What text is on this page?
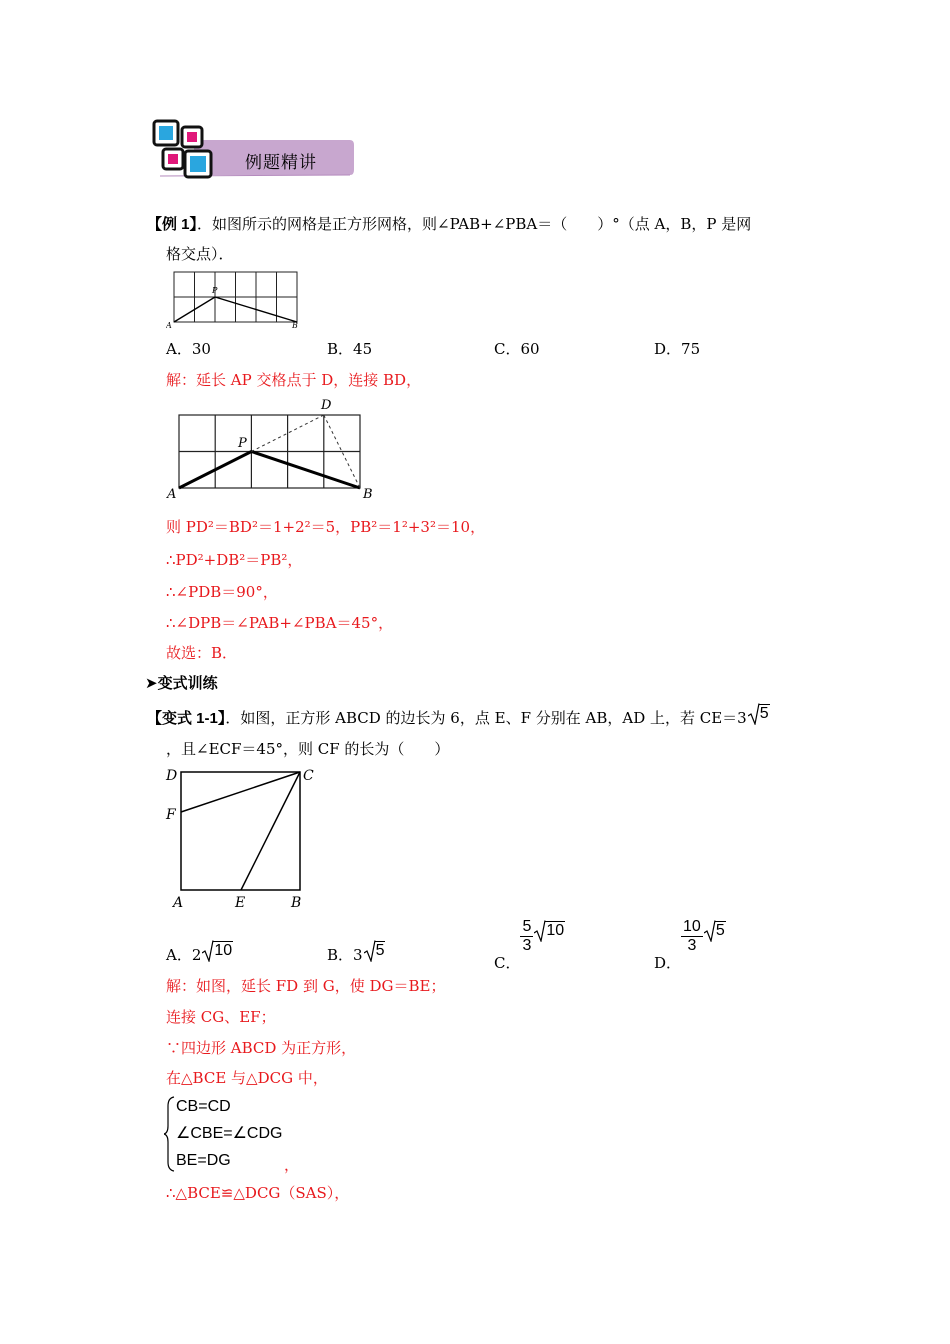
例题精讲
【例 1】．如图所示的网格是正方形网格，则∠PAB+∠PBA＝（　　）°（点 A，B，P 是网
格交点）．
A	B
P
A．30	B．45	C．60	D．75
解：延长 AP 交格点于 D，连接 BD，
A	B
P
D
则 PD²＝BD²＝1+2²＝5，PB²＝1²+3²＝10，
∴PD²+DB²＝PB²，
∴∠PDB＝90°，
∴∠DPB＝∠PAB+∠PBA＝45°，
故选：B．
➤变式训练
【变式 1-1】．如图，正方形 ABCD 的边长为 6，点 E、F 分别在 AB，AD 上，若 CE＝3 5
，且∠ECF＝45°，则 CF 的长为（　　）
D	C
F
A	E	B
A．2 10	B．3 5
C．
$\frac{5}{3} 10$
D．
$\frac{10}{3} 5$
解：如图，延长 FD 到 G，使 DG＝BE；
连接 CG、EF；
∵四边形 ABCD 为正方形，
在△BCE 与△DCG 中，
CB=CD
∠CBE=∠CDG
BE=DG	，
∴△BCE≌△DCG（SAS），
